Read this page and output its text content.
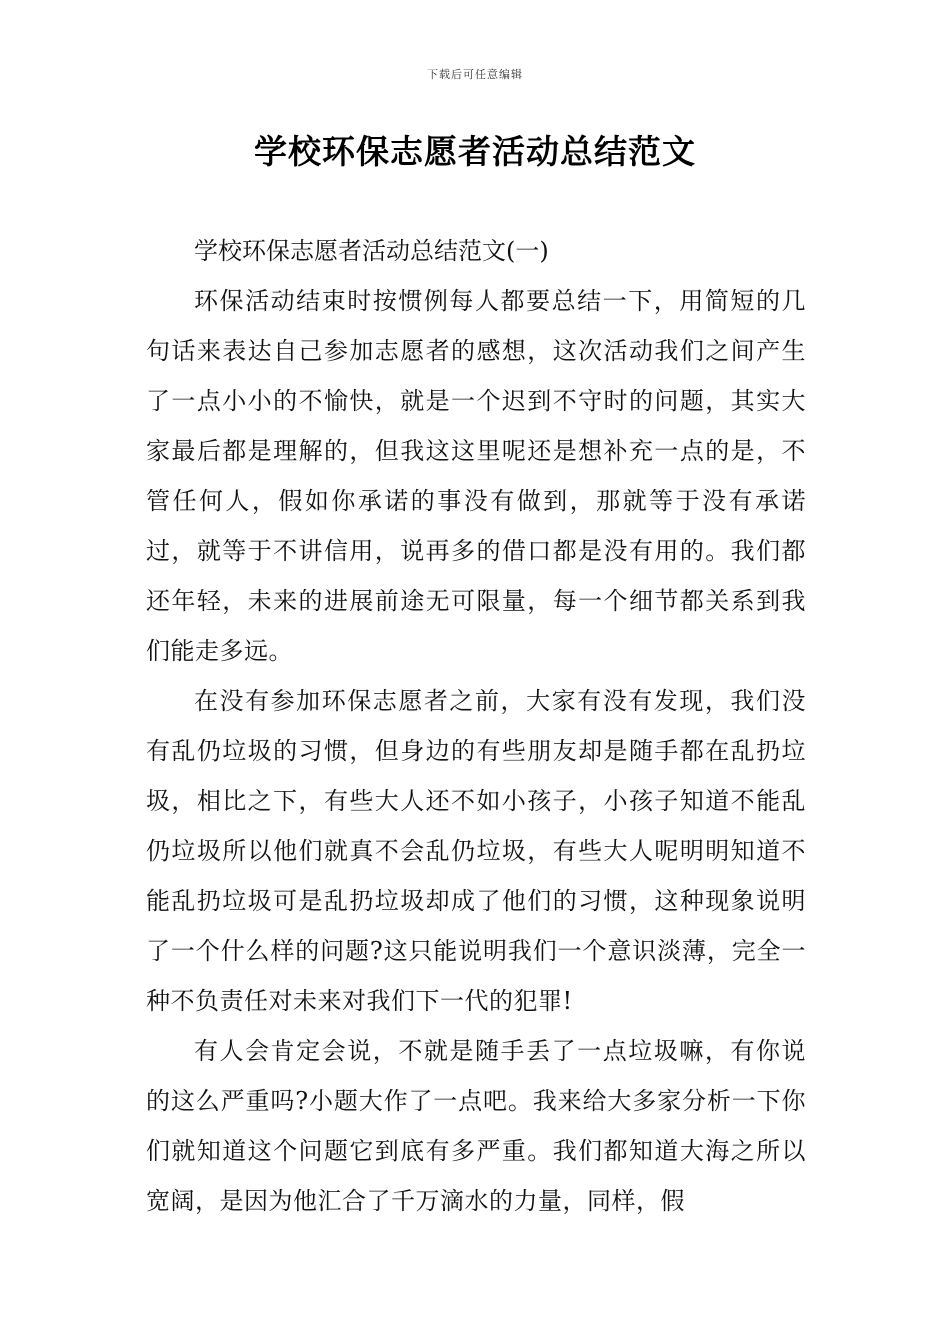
下载后可任意编辑
学校环保志愿者活动总结范文

学校环保志愿者活动总结范文(一)

环保活动结束时按惯例每人都要总结一下，用简短的几句话来表达自己参加志愿者的感想，这次活动我们之间产生了一点小小的不愉快，就是一个迟到不守时的问题，其实大家最后都是理解的，但我这这里呢还是想补充一点的是，不管任何人，假如你承诺的事没有做到，那就等于没有承诺过，就等于不讲信用，说再多的借口都是没有用的。我们都还年轻，未来的进展前途无可限量，每一个细节都关系到我们能走多远。

在没有参加环保志愿者之前，大家有没有发现，我们没有乱仍垃圾的习惯，但身边的有些朋友却是随手都在乱扔垃圾，相比之下，有些大人还不如小孩子，小孩子知道不能乱仍垃圾所以他们就真不会乱仍垃圾，有些大人呢明明知道不能乱扔垃圾可是乱扔垃圾却成了他们的习惯，这种现象说明了一个什么样的问题?这只能说明我们一个意识淡薄，完全一种不负责任对未来对我们下一代的犯罪!

有人会肯定会说，不就是随手丢了一点垃圾嘛，有你说的这么严重吗?小题大作了一点吧。我来给大多家分析一下你们就知道这个问题它到底有多严重。我们都知道大海之所以宽阔，是因为他汇合了千万滴水的力量，同样，假
